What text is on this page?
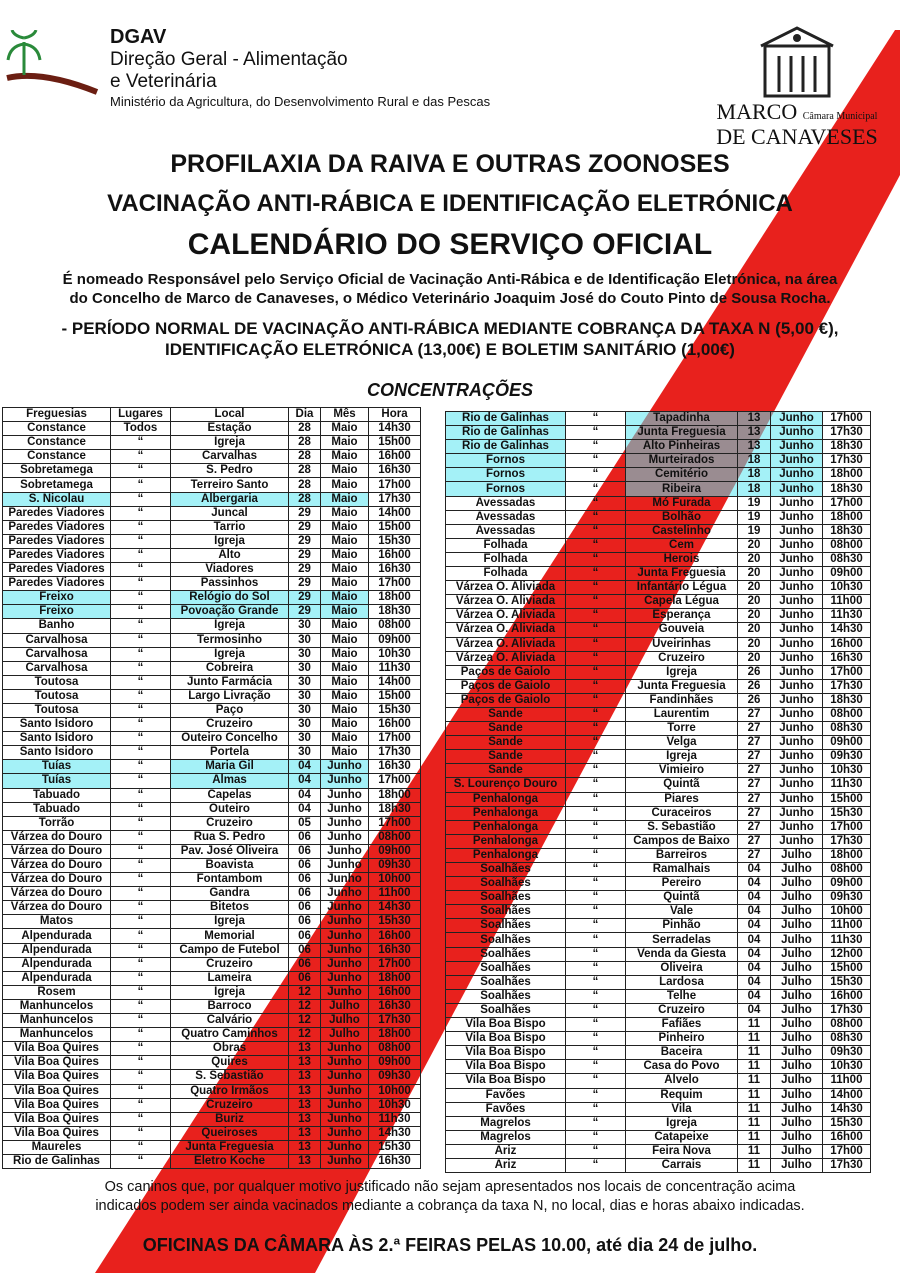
DGAV
Direção Geral - Alimentação
e Veterinária
Ministério da Agricultura, do Desenvolvimento Rural e das Pescas	MARCO Câmara Municipal
DE CANAVESES
PROFILAXIA DA RAIVA E OUTRAS ZOONOSES
VACINAÇÃO ANTI-RÁBICA E IDENTIFICAÇÃO ELETRÓNICA
CALENDÁRIO DO SERVIÇO OFICIAL
É nomeado Responsável pelo Serviço Oficial de Vacinação Anti-Rábica e de Identificação Eletrónica, na área
do Concelho de Marco de Canaveses, o Médico Veterinário Joaquim José do Couto Pinto de Sousa Rocha.
- PERÍODO NORMAL DE VACINAÇÃO ANTI-RÁBICA MEDIANTE COBRANÇA DA TAXA N (5,00 €),
IDENTIFICAÇÃO ELETRÓNICA (13,00€) E BOLETIM SANITÁRIO (1,00€)
CONCENTRAÇÕES
Freguesias	Lugares	Local	Dia	Mês	Hora
Constance	Todos	Estação	28	Maio	14h30
Constance	“	Igreja	28	Maio	15h00
Constance	“	Carvalhas	28	Maio	16h00
Sobretamega	“	S. Pedro	28	Maio	16h30
Sobretamega	“	Terreiro Santo	28	Maio	17h00
S. Nicolau	“	Albergaria	28	Maio	17h30
Paredes Viadores	“	Juncal	29	Maio	14h00
Paredes Viadores	“	Tarrio	29	Maio	15h00
Paredes Viadores	“	Igreja	29	Maio	15h30
Paredes Viadores	“	Alto	29	Maio	16h00
Paredes Viadores	“	Viadores	29	Maio	16h30
Paredes Viadores	“	Passinhos	29	Maio	17h00
Freixo	“	Relógio do Sol	29	Maio	18h00
Freixo	“	Povoação Grande	29	Maio	18h30
Banho	“	Igreja	30	Maio	08h00
Carvalhosa	“	Termosinho	30	Maio	09h00
Carvalhosa	“	Igreja	30	Maio	10h30
Carvalhosa	“	Cobreira	30	Maio	11h30
Toutosa	“	Junto Farmácia	30	Maio	14h00
Toutosa	“	Largo Livração	30	Maio	15h00
Toutosa	“	Paço	30	Maio	15h30
Santo Isidoro	“	Cruzeiro	30	Maio	16h00
Santo Isidoro	“	Outeiro Concelho	30	Maio	17h00
Santo Isidoro	“	Portela	30	Maio	17h30
Tuías	“	Maria Gil	04	Junho	16h30
Tuías	“	Almas	04	Junho	17h00
Tabuado	“	Capelas	04	Junho	18h00
Tabuado	“	Outeiro	04	Junho	18h30
Torrão	“	Cruzeiro	05	Junho	17h00
Várzea do Douro	“	Rua S. Pedro	06	Junho	08h00
Várzea do Douro	“	Pav. José Oliveira	06	Junho	09h00
Várzea do Douro	“	Boavista	06	Junho	09h30
Várzea do Douro	“	Fontambom	06	Junho	10h00
Várzea do Douro	“	Gandra	06	Junho	11h00
Várzea do Douro	“	Bitetos	06	Junho	14h30
Matos	“	Igreja	06	Junho	15h30
Alpendurada	“	Memorial	06	Junho	16h00
Alpendurada	“	Campo de Futebol	06	Junho	16h30
Alpendurada	“	Cruzeiro	06	Junho	17h00
Alpendurada	“	Lameira	06	Junho	18h00
Rosem	“	Igreja	12	Junho	16h00
Manhuncelos	“	Barroco	12	Julho	16h30
Manhuncelos	“	Calvário	12	Julho	17h30
Manhuncelos	“	Quatro Caminhos	12	Julho	18h00
Vila Boa Quires	“	Obras	13	Junho	08h00
Vila Boa Quires	“	Quires	13	Junho	09h00
Vila Boa Quires	“	S. Sebastião	13	Junho	09h30
Vila Boa Quires	“	Quatro Irmãos	13	Junho	10h00
Vila Boa Quires	“	Cruzeiro	13	Junho	10h30
Vila Boa Quires	“	Buriz	13	Junho	11h30
Vila Boa Quires	“	Queiroses	13	Junho	14h30
Maureles	“	Junta Freguesia	13	Junho	15h30
Rio de Galinhas	“	Eletro Koche	13	Junho	16h30
Rio de Galinhas	“	Tapadinha	13	Junho	17h00
Rio de Galinhas	“	Junta Freguesia	13	Junho	17h30
Rio de Galinhas	“	Alto Pinheiras	13	Junho	18h30
Fornos	“	Murteirados	18	Junho	17h30
Fornos	“	Cemitério	18	Junho	18h00
Fornos	“	Ribeira	18	Junho	18h30
Avessadas	“	Mó Furada	19	Junho	17h00
Avessadas	“	Bolhão	19	Junho	18h00
Avessadas	“	Castelinho	19	Junho	18h30
Folhada	“	Cem	20	Junho	08h00
Folhada	“	Herois	20	Junho	08h30
Folhada	“	Junta Freguesia	20	Junho	09h00
Várzea O. Aliviada	“	Infantário Légua	20	Junho	10h30
Várzea O. Aliviada	“	Capela Légua	20	Junho	11h00
Várzea O. Aliviada	“	Esperança	20	Junho	11h30
Várzea O. Aliviada	“	Gouveia	20	Junho	14h30
Várzea O. Aliviada	“	Uveirinhas	20	Junho	16h00
Várzea O. Aliviada	“	Cruzeiro	20	Junho	16h30
Paços de Gaiolo	“	Igreja	26	Junho	17h00
Paços de Gaiolo	“	Junta Freguesia	26	Junho	17h30
Paços de Gaiolo	“	Fandinhães	26	Junho	18h30
Sande	“	Laurentim	27	Junho	08h00
Sande	“	Torre	27	Junho	08h30
Sande	“	Velga	27	Junho	09h00
Sande	“	Igreja	27	Junho	09h30
Sande	“	Vimieiro	27	Junho	10h30
S. Lourenço Douro	“	Quintã	27	Junho	11h30
Penhalonga	“	Piares	27	Junho	15h00
Penhalonga	“	Curaceiros	27	Junho	15h30
Penhalonga	“	S. Sebastião	27	Junho	17h00
Penhalonga	“	Campos de Baixo	27	Junho	17h30
Penhalonga	“	Barreiros	27	Julho	18h00
Soalhães	“	Ramalhais	04	Julho	08h00
Soalhães	“	Pereiro	04	Julho	09h00
Soalhães	“	Quintã	04	Julho	09h30
Soalhães	“	Vale	04	Julho	10h00
Soalhães	“	Pinhão	04	Julho	11h00
Soalhães	“	Serradelas	04	Julho	11h30
Soalhães	“	Venda da Giesta	04	Julho	12h00
Soalhães	“	Oliveira	04	Julho	15h00
Soalhães	“	Lardosa	04	Julho	15h30
Soalhães	“	Telhe	04	Julho	16h00
Soalhães	“	Cruzeiro	04	Julho	17h30
Vila Boa Bispo	“	Fafiães	11	Julho	08h00
Vila Boa Bispo	“	Pinheiro	11	Julho	08h30
Vila Boa Bispo	“	Baceira	11	Julho	09h30
Vila Boa Bispo	“	Casa do Povo	11	Julho	10h30
Vila Boa Bispo	“	Alvelo	11	Julho	11h00
Favões	“	Requim	11	Julho	14h00
Favões	“	Vila	11	Julho	14h30
Magrelos	“	Igreja	11	Julho	15h30
Magrelos	“	Catapeixe	11	Julho	16h00
Ariz	“	Feira Nova	11	Julho	17h00
Ariz	“	Carrais	11	Julho	17h30
Os caninos que, por qualquer motivo justificado não sejam apresentados nos locais de concentração acima
indicados podem ser ainda vacinados mediante a cobrança da taxa N, no local, dias e horas abaixo indicadas.
OFICINAS DA CÂMARA ÀS 2.ª FEIRAS PELAS 10.00, até dia 24 de julho.
